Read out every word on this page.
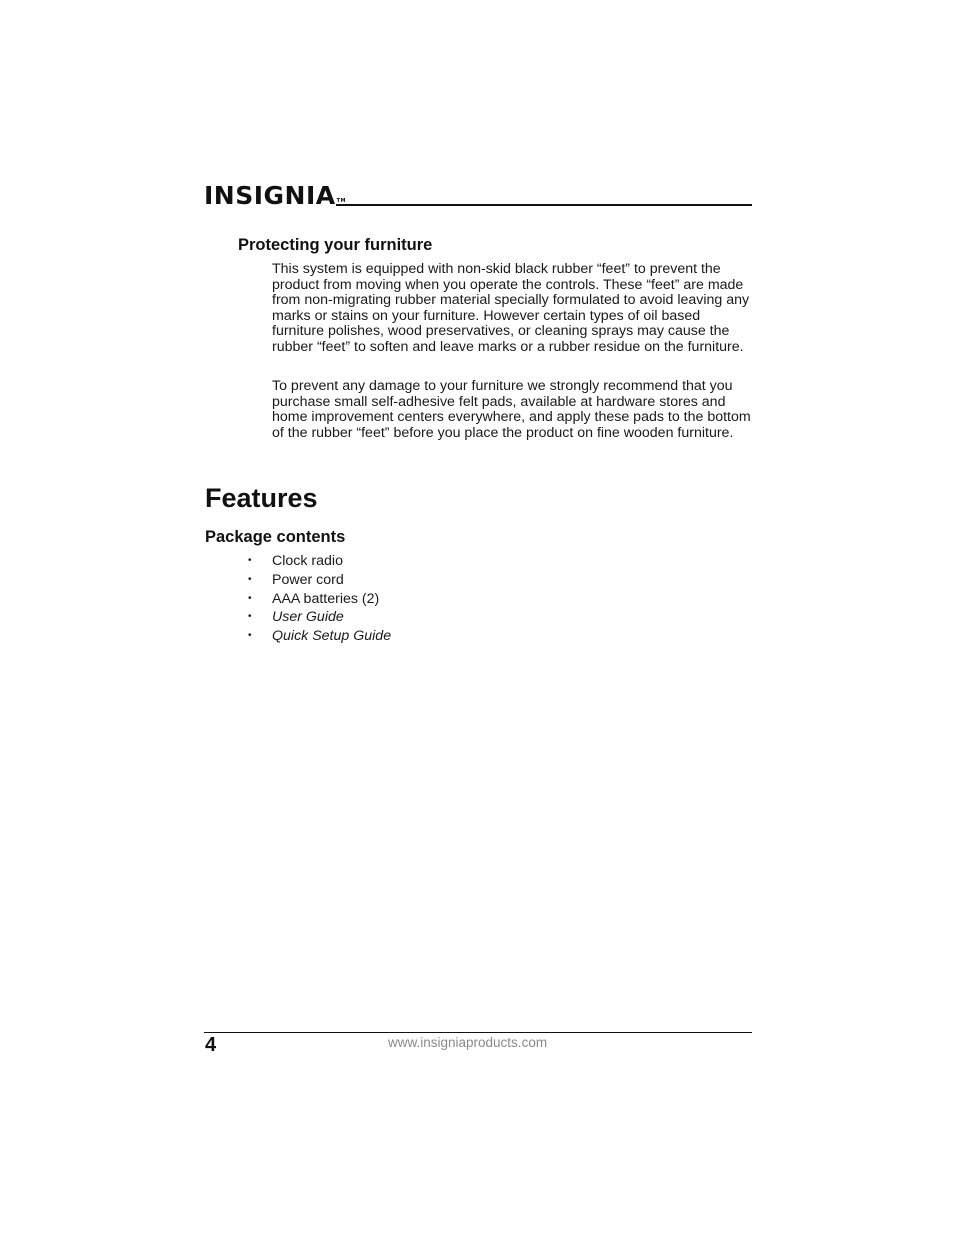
INSIGNIA™
Protecting your furniture

This system is equipped with non-skid black rubber “feet” to prevent the product from moving when you operate the controls. These “feet” are made from non-migrating rubber material specially formulated to avoid leaving any marks or stains on your furniture. However certain types of oil based furniture polishes, wood preservatives, or cleaning sprays may cause the rubber “feet” to soften and leave marks or a rubber residue on the furniture.

To prevent any damage to your furniture we strongly recommend that you purchase small self-adhesive felt pads, available at hardware stores and home improvement centers everywhere, and apply these pads to the bottom of the rubber “feet” before you place the product on fine wooden furniture.

Features
Package contents
•	Clock radio
•	Power cord
•	AAA batteries (2)
•	User Guide
•	Quick Setup Guide

4	www.insigniaproducts.com
